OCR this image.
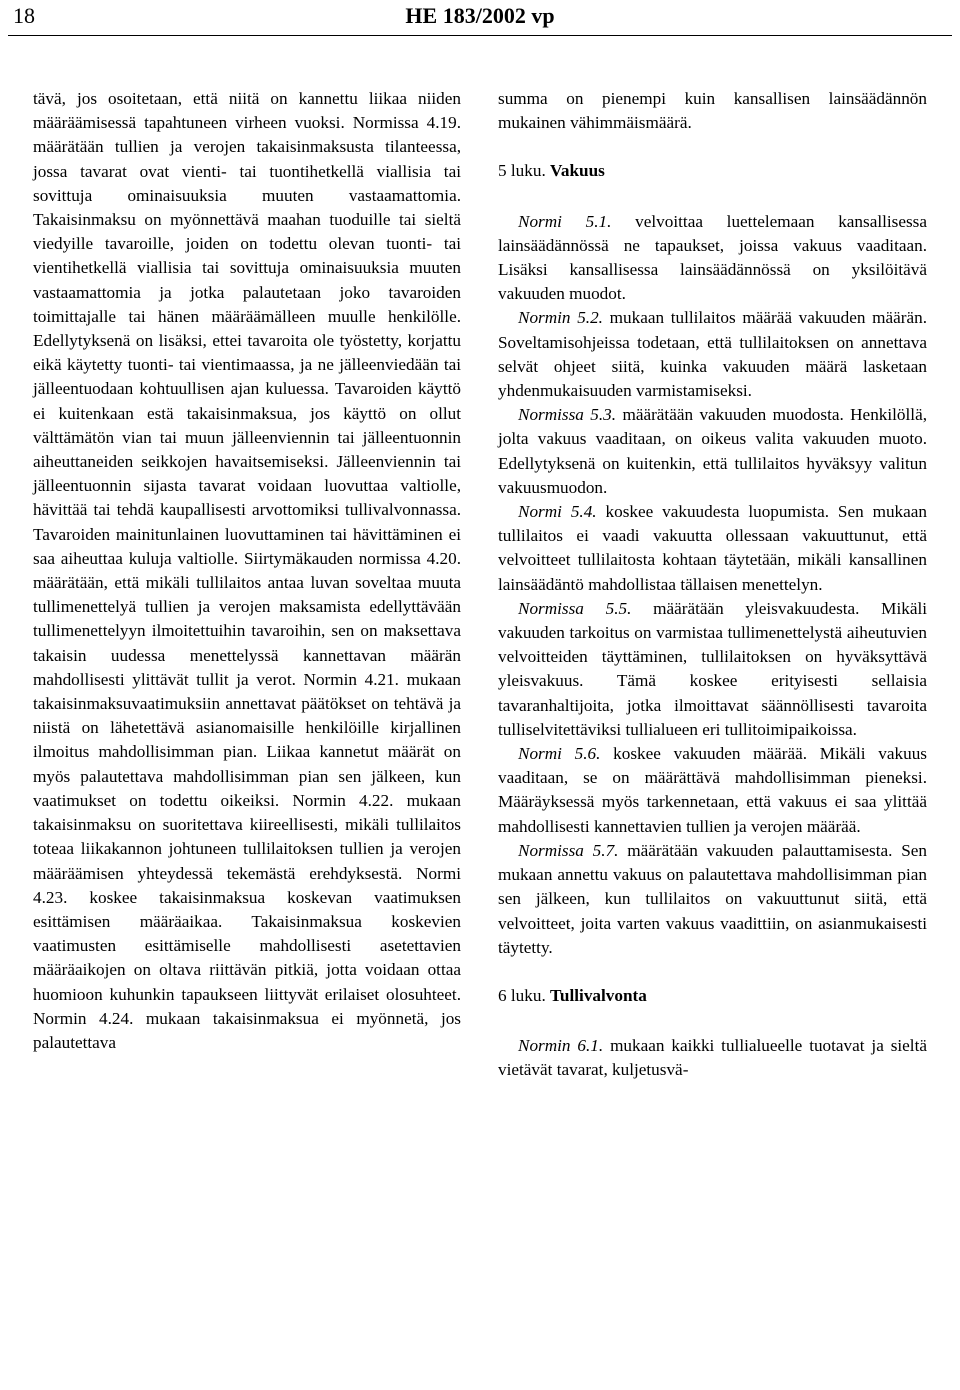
18	HE 183/2002 vp

tävä, jos osoitetaan, että niitä on kannettu liikaa niiden määräämisessä tapahtuneen virheen vuoksi. Normissa 4.19. määrätään tullien ja verojen takaisinmaksusta tilanteessa, jossa tavarat ovat vienti- tai tuontihetkellä viallisia tai sovittuja ominaisuuksia muuten vastaamattomia. Takaisinmaksu on myönnettävä maahan tuoduille tai sieltä viedyille tavaroille, joiden on todettu olevan tuonti- tai vientihetkellä viallisia tai sovittuja ominaisuuksia muuten vastaamattomia ja jotka palautetaan joko tavaroiden toimittajalle tai hänen määräämälleen muulle henkilölle. Edellytyksenä on lisäksi, ettei tavaroita ole työstetty, korjattu eikä käytetty tuonti- tai vientimaassa, ja ne jälleenviedään tai jälleentuodaan kohtuullisen ajan kuluessa. Tavaroiden käyttö ei kuitenkaan estä takaisinmaksua, jos käyttö on ollut välttämätön vian tai muun jälleenviennin tai jälleentuonnin aiheuttaneiden seikkojen havaitsemiseksi. Jälleenviennin tai jälleentuonnin sijasta tavarat voidaan luovuttaa valtiolle, hävittää tai tehdä kaupallisesti arvottomiksi tullivalvonnassa. Tavaroiden mainitunlainen luovuttaminen tai hävittäminen ei saa aiheuttaa kuluja valtiolle. Siirtymäkauden normissa 4.20. määrätään, että mikäli tullilaitos antaa luvan soveltaa muuta tullimenettelyä tullien ja verojen maksamista edellyttävään tullimenettelyyn ilmoitettuihin tavaroihin, sen on maksettava takaisin uudessa menettelyssä kannettavan määrän mahdollisesti ylittävät tullit ja verot. Normin 4.21. mukaan takaisinmaksuvaatimuksiin annettavat päätökset on tehtävä ja niistä on lähetettävä asianomaisille henkilöille kirjallinen ilmoitus mahdollisimman pian. Liikaa kannetut määrät on myös palautettava mahdollisimman pian sen jälkeen, kun vaatimukset on todettu oikeiksi. Normin 4.22. mukaan takaisinmaksu on suoritettava kiireellisesti, mikäli tullilaitos toteaa liikakannon johtuneen tullilaitoksen tullien ja verojen määräämisen yhteydessä tekemästä erehdyksestä. Normi 4.23. koskee takaisinmaksua koskevan vaatimuksen esittämisen määräaikaa. Takaisinmaksua koskevien vaatimusten esittämiselle mahdollisesti asetettavien määräaikojen on oltava riittävän pitkiä, jotta voidaan ottaa huomioon kuhunkin tapaukseen liittyvät erilaiset olosuhteet. Normin 4.24. mukaan takaisinmaksua ei myönnetä, jos palautettava

summa on pienempi kuin kansallisen lainsäädännön mukainen vähimmäismäärä.

5 luku. Vakuus

Normi 5.1. velvoittaa luettelemaan kansallisessa lainsäädännössä ne tapaukset, joissa vakuus vaaditaan. Lisäksi kansallisessa lainsäädännössä on yksilöitävä vakuuden muodot.

Normin 5.2. mukaan tullilaitos määrää vakuuden määrän. Soveltamisohjeissa todetaan, että tullilaitoksen on annettava selvät ohjeet siitä, kuinka vakuuden määrä lasketaan yhdenmukaisuuden varmistamiseksi.

Normissa 5.3. määrätään vakuuden muodosta. Henkilöllä, jolta vakuus vaaditaan, on oikeus valita vakuuden muoto. Edellytyksenä on kuitenkin, että tullilaitos hyväksyy valitun vakuusmuodon.

Normi 5.4. koskee vakuudesta luopumista. Sen mukaan tullilaitos ei vaadi vakuutta ollessaan vakuuttunut, että velvoitteet tullilaitosta kohtaan täytetään, mikäli kansallinen lainsäädäntö mahdollistaa tällaisen menettelyn.

Normissa 5.5. määrätään yleisvakuudesta. Mikäli vakuuden tarkoitus on varmistaa tullimenettelystä aiheutuvien velvoitteiden täyttäminen, tullilaitoksen on hyväksyttävä yleisvakuus. Tämä koskee erityisesti sellaisia tavaranhaltijoita, jotka ilmoittavat säännöllisesti tavaroita tulliselvitettäviksi tullialueen eri tullitoimipaikoissa.

Normi 5.6. koskee vakuuden määrää. Mikäli vakuus vaaditaan, se on määrättävä mahdollisimman pieneksi. Määräyksessä myös tarkennetaan, että vakuus ei saa ylittää mahdollisesti kannettavien tullien ja verojen määrää.

Normissa 5.7. määrätään vakuuden palauttamisesta. Sen mukaan annettu vakuus on palautettava mahdollisimman pian sen jälkeen, kun tullilaitos on vakuuttunut siitä, että velvoitteet, joita varten vakuus vaadittiin, on asianmukaisesti täytetty.

6 luku. Tullivalvonta

Normin 6.1. mukaan kaikki tullialueelle tuotavat ja sieltä vietävät tavarat, kuljetusvä-
